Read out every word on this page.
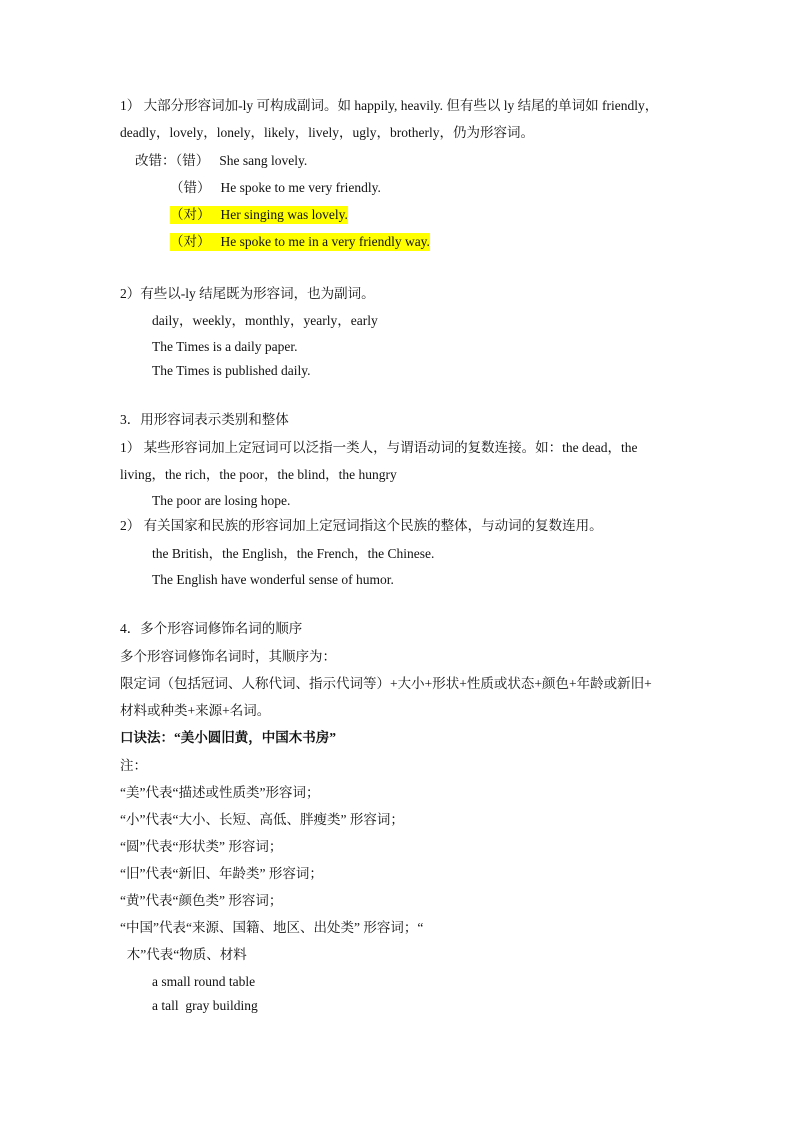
1） 大部分形容词加-ly 可构成副词。如 happily, heavily. 但有些以 ly 结尾的单词如 friendly，
deadly，lovely，lonely，likely，lively，ugly，brotherly，仍为形容词。
改错：（错） She sang lovely.
（错） He spoke to me very friendly.
（对） Her singing was lovely.
（对） He spoke to me in a very friendly way.
2）有些以-ly 结尾既为形容词，也为副词。
daily，weekly，monthly，yearly，early
The Times is a daily paper.
The Times is published daily.
3．用形容词表示类别和整体
1） 某些形容词加上定冠词可以泛指一类人，与谓语动词的复数连接。如：the dead，the
living，the rich，the poor，the blind，the hungry
The poor are losing hope.
2） 有关国家和民族的形容词加上定冠词指这个民族的整体，与动词的复数连用。
the British，the English，the French，the Chinese.
The English have wonderful sense of humor.
4．多个形容词修饰名词的顺序
多个形容词修饰名词时，其顺序为：
限定词（包括冠词、人称代词、指示代词等）+大小+形状+性质或状态+颜色+年龄或新旧+
材料或种类+来源+名词。
口诀法：“美小圆旧黄，中国木书房”
注：
“美”代表“描述或性质类”形容词；
“小”代表“大小、长短、高低、胖瘦类” 形容词；
“圆”代表“形状类” 形容词；
“旧”代表“新旧、年龄类” 形容词；
“黄”代表“颜色类” 形容词；
“中国”代表“来源、国籍、地区、出处类” 形容词；“
木”代表“物质、材料
a small round table
a tall  gray building
